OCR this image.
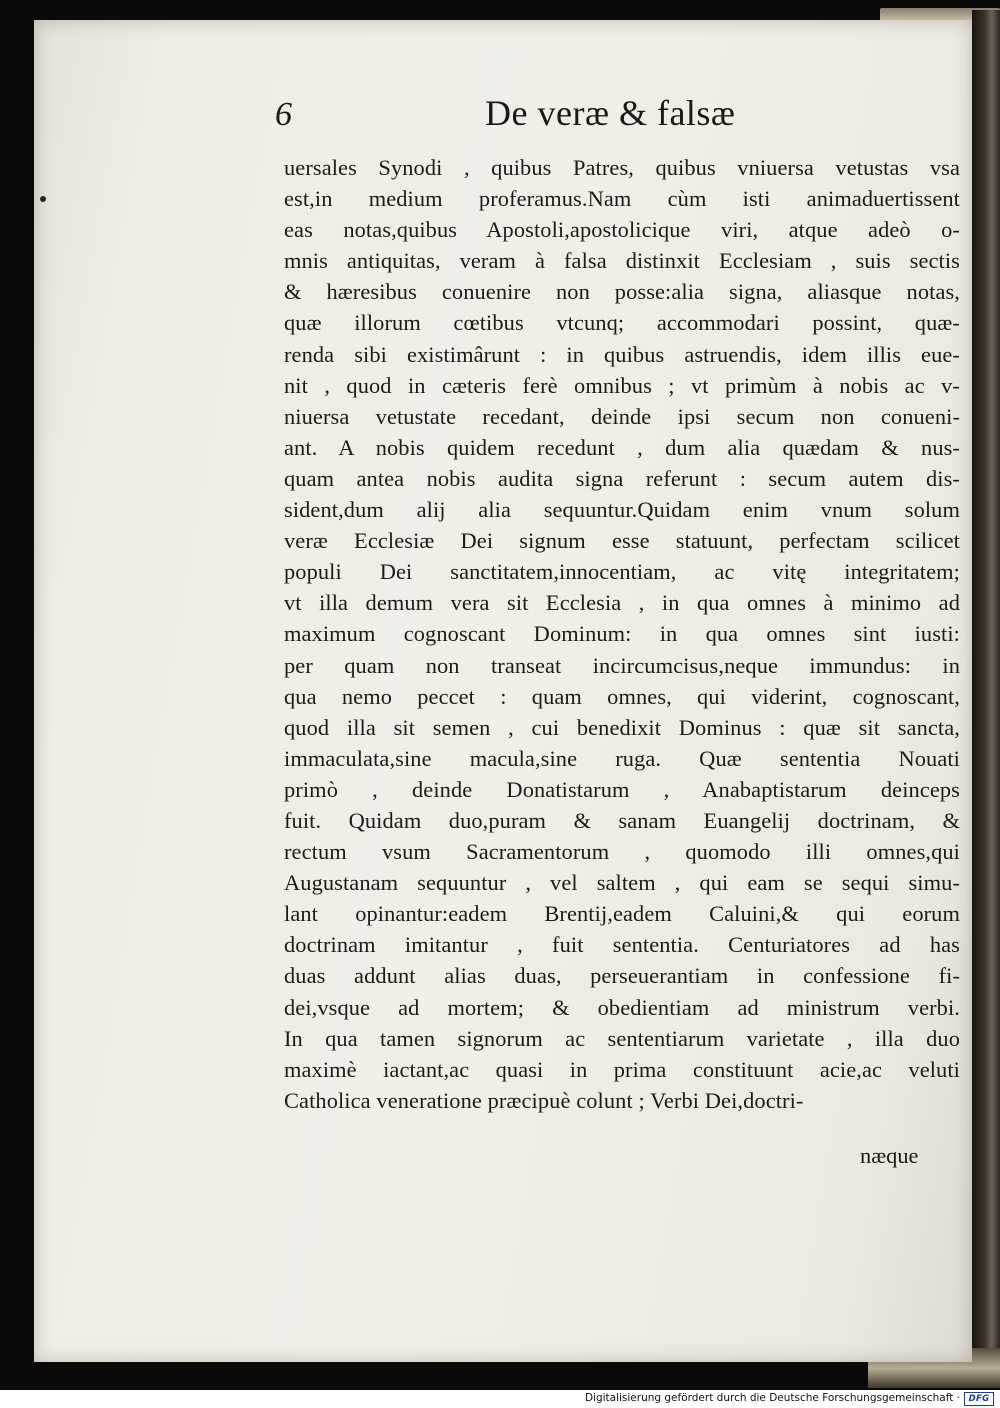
6	De veræ & falsæ
uersales Synodi , quibus Patres, quibus vniuersa vetustas vsa
est,in medium proferamus.Nam cùm isti animaduertissent
eas notas,quibus Apostoli,apostolicique viri, atque adeò o-
mnis antiquitas, veram à falsa distinxit Ecclesiam , suis sectis
& hæresibus conuenire non posse:alia signa, aliasque notas,
quæ illorum cœtibus vtcunq; accommodari possint, quæ-
renda sibi existimârunt : in quibus astruendis, idem illis eue-
nit , quod in cæteris ferè omnibus ; vt primùm à nobis ac v-
niuersa vetustate recedant, deinde ipsi secum non conueni-
ant. A nobis quidem recedunt , dum alia quædam & nus-
quam antea nobis audita signa referunt : secum autem dis-
sident,dum alij alia sequuntur.Quidam enim vnum solum
veræ Ecclesiæ Dei signum esse statuunt, perfectam scilicet
populi Dei sanctitatem,innocentiam, ac vitę integritatem;
vt illa demum vera sit Ecclesia , in qua omnes à minimo ad
maximum cognoscant Dominum: in qua omnes sint iusti:
per quam non transeat incircumcisus,neque immundus: in
qua nemo peccet : quam omnes, qui viderint, cognoscant,
quod illa sit semen , cui benedixit Dominus : quæ sit sancta,
immaculata,sine macula,sine ruga. Quæ sententia Nouati
primò , deinde Donatistarum , Anabaptistarum deinceps
fuit. Quidam duo,puram & sanam Euangelij doctrinam, &
rectum vsum Sacramentorum , quomodo illi omnes,qui
Augustanam sequuntur , vel saltem , qui eam se sequi simu-
lant opinantur:eadem Brentij,eadem Caluini,& qui eorum
doctrinam imitantur , fuit sententia. Centuriatores ad has
duas addunt alias duas, perseuerantiam in confessione fi-
dei,vsque ad mortem; & obedientiam ad ministrum verbi.
In qua tamen signorum ac sententiarum varietate , illa duo
maximè iactant,ac quasi in prima constituunt acie,ac veluti
Catholica veneratione præcipuè colunt ; Verbi Dei,doctri-
næque
Digitalisierung gefördert durch die Deutsche Forschungsgemeinschaft ·	DFG
